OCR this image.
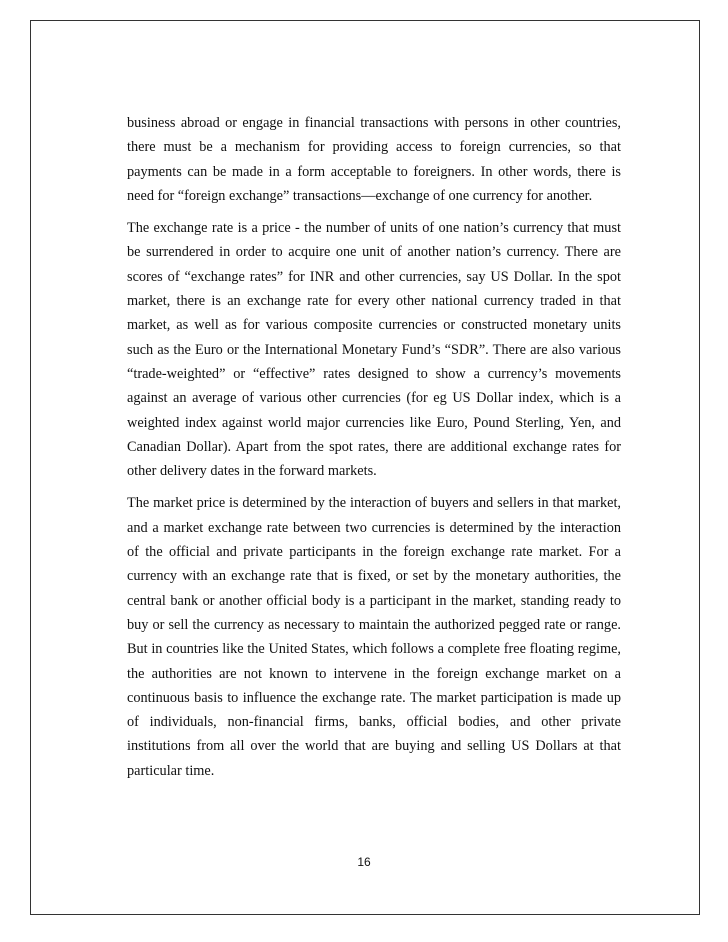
business abroad or engage in financial transactions with persons in other countries, there must be a mechanism for providing access to foreign currencies, so that payments can be made in a form acceptable to foreigners. In other words, there is need for “foreign exchange” transactions—exchange of one currency for another.

The exchange rate is a price - the number of units of one nation’s currency that must be surrendered in order to acquire one unit of another nation’s currency. There are scores of “exchange rates” for INR and other currencies, say US Dollar. In the spot market, there is an exchange rate for every other national currency traded in that market, as well as for various composite currencies or constructed monetary units such as the Euro or the International Monetary Fund’s “SDR”. There are also various “trade-weighted” or “effective” rates designed to show a currency’s movements against an average of various other currencies (for eg US Dollar index, which is a weighted index against world major currencies like Euro, Pound Sterling, Yen, and Canadian Dollar). Apart from the spot rates, there are additional exchange rates for other delivery dates in the forward markets.

The market price is determined by the interaction of buyers and sellers in that market, and a market exchange rate between two currencies is determined by the interaction of the official and private participants in the foreign exchange rate market. For a currency with an exchange rate that is fixed, or set by the monetary authorities, the central bank or another official body is a participant in the market, standing ready to buy or sell the currency as necessary to maintain the authorized pegged rate or range. But in countries like the United States, which follows a complete free floating regime, the authorities are not known to intervene in the foreign exchange market on a continuous basis to influence the exchange rate. The market participation is made up of individuals, non-financial firms, banks, official bodies, and other private institutions from all over the world that are buying and selling US Dollars at that particular time.

16
